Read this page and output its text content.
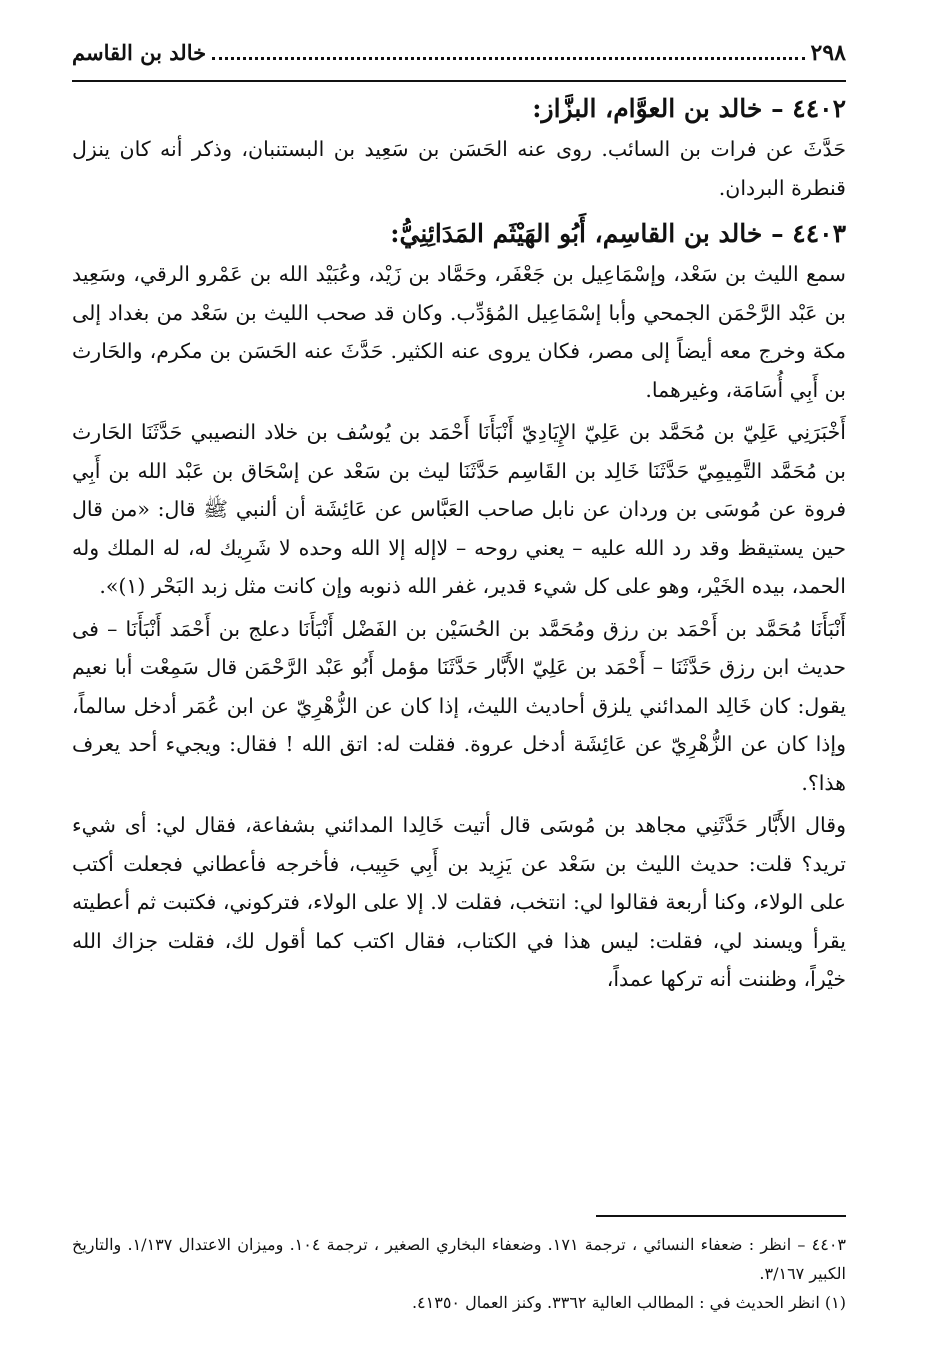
٢٩٨
خالد بن القاسم
٤٤٠٢ – خالد بن العوَّام، البزَّاز:

حَدَّثَ عن فرات بن السائب. روى عنه الحَسَن بن سَعِيد بن البستنبان، وذكر أنه كان ينزل قنطرة البردان.

٤٤٠٣ – خالد بن القاسِم، أَبُو الهَيْثَم المَدَائِنِيُّ:

سمع الليث بن سَعْد، وإسْمَاعِيل بن جَعْفَر، وحَمَّاد بن زَيْد، وعُبَيْد الله بن عَمْرو الرقي، وسَعِيد بن عَبْد الرَّحْمَن الجمحي وأبا إسْمَاعِيل المُؤدِّب. وكان قد صحب الليث بن سَعْد من بغداد إلى مكة وخرج معه أيضاً إلى مصر، فكان يروى عنه الكثير. حَدَّثَ عنه الحَسَن بن مكرم، والحَارث بن أَبِي أُسَامَة، وغيرهما.

أَخْبَرَنِي عَلِيّ بن مُحَمَّد بن عَلِيّ الإِيَادِيّ أَنْبَأَنَا أَحْمَد بن يُوسُف بن خلاد النصيبي حَدَّثَنَا الحَارث بن مُحَمَّد التَّمِيمِيّ حَدَّثَنَا خَالِد بن القَاسِم حَدَّثَنَا ليث بن سَعْد عن إسْحَاق بن عَبْد الله بن أَبِي فروة عن مُوسَى بن وردان عن نابل صاحب العَبَّاس عن عَائِشَة أن ألنبي ﷺ قال: «من قال حين يستيقظ وقد رد الله عليه – يعني روحه – لاإله إلا الله وحده لا شَرِيك له، له الملك وله الحمد، بيده الخَيْر، وهو على كل شيء قدير، غفر الله ذنوبه وإن كانت مثل زبد البَحْر (١)».

أَنْبَأَنَا مُحَمَّد بن أَحْمَد بن رزق ومُحَمَّد بن الحُسَيْن بن الفَضْل أَنْبَأَنَا دعلج بن أَحْمَد أَنْبَأَنَا – فى حديث ابن رزق حَدَّثَنَا – أَحْمَد بن عَلِيّ الأَبَّار حَدَّثَنَا مؤمل أَبُو عَبْد الرَّحْمَن قال سَمِعْت أبا نعيم يقول: كان خَالِد المدائني يلزق أحاديث الليث، إذا كان عن الزُّهْرِيّ عن ابن عُمَر أدخل سالماً، وإذا كان عن الزُّهْرِيّ عن عَائِشَة أدخل عروة. فقلت له: اتق الله ! فقال: ويجيء أحد يعرف هذا؟.

وقال الأَبَّار حَدَّثَنِي مجاهد بن مُوسَى قال أتيت خَالِدا المدائني بشفاعة، فقال لي: أى شيء تريد؟ قلت: حديث الليث بن سَعْد عن يَزِيد بن أَبِي حَبِيب، فأخرجه فأعطاني فجعلت أكتب على الولاء، وكنا أربعة فقالوا لي: انتخب، فقلت لا. إلا على الولاء، فتركوني، فكتبت ثم أعطيته يقرأ ويسند لي، فقلت: ليس هذا في الكتاب، فقال اكتب كما أقول لك، فقلت جزاك الله خيْراً، وظننت أنه تركها عمداً،

٤٤٠٣ – انظر : ضعفاء النسائي ، ترجمة ١٧١. وضعفاء البخاري الصغير ، ترجمة ١٠٤. وميزان الاعتدال ١/١٣٧. والتاريخ الكبير ٣/١٦٧.

(١) انظر الحديث في : المطالب العالية ٣٣٦٢. وكنز العمال ٤١٣٥٠.
